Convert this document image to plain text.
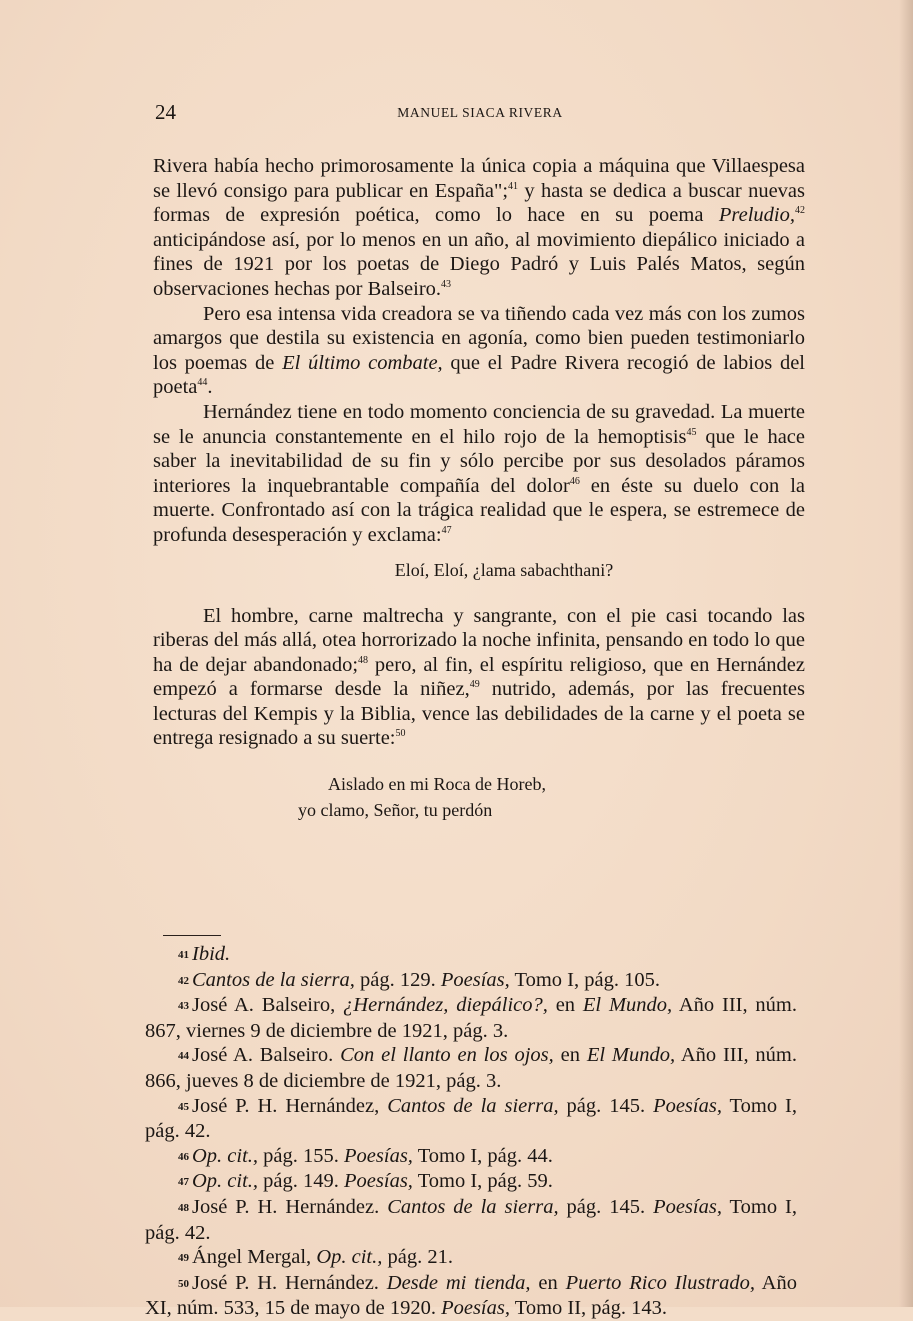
24	MANUEL SIACA RIVERA

Rivera había hecho primorosamente la única copia a máquina que Villaespesa se llevó consigo para publicar en España";$^{41}$ y hasta se dedica a buscar nuevas formas de expresión poética, como lo hace en su poema Preludio,$^{42}$ anticipándose así, por lo menos en un año, al movimiento diepálico iniciado a fines de 1921 por los poetas de Diego Padró y Luis Palés Matos, según observaciones hechas por Balseiro.$^{43}$

Pero esa intensa vida creadora se va tiñendo cada vez más con los zumos amargos que destila su existencia en agonía, como bien pueden testimoniarlo los poemas de El último combate, que el Padre Rivera recogió de labios del poeta$^{44}$.

Hernández tiene en todo momento conciencia de su gravedad. La muerte se le anuncia constantemente en el hilo rojo de la hemoptisis$^{45}$ que le hace saber la inevitabilidad de su fin y sólo percibe por sus desolados páramos interiores la inquebrantable compañía del dolor$^{46}$ en éste su duelo con la muerte. Confrontado así con la trágica realidad que le espera, se estremece de profunda desesperación y exclama:$^{47}$

Eloí, Eloí, ¿lama sabachthani?

El hombre, carne maltrecha y sangrante, con el pie casi tocando las riberas del más allá, otea horrorizado la noche infinita, pensando en todo lo que ha de dejar abandonado;$^{48}$ pero, al fin, el espíritu religioso, que en Hernández empezó a formarse desde la niñez,$^{49}$ nutrido, además, por las frecuentes lecturas del Kempis y la Biblia, vence las debilidades de la carne y el poeta se entrega resignado a su suerte:$^{50}$

Aislado en mi Roca de Horeb,
yo clamo, Señor, tu perdón

41 Ibid.

42 Cantos de la sierra, pág. 129. Poesías, Tomo I, pág. 105.

43 José A. Balseiro, ¿Hernández, diepálico?, en El Mundo, Año III, núm. 867, viernes 9 de diciembre de 1921, pág. 3.

44 José A. Balseiro. Con el llanto en los ojos, en El Mundo, Año III, núm. 866, jueves 8 de diciembre de 1921, pág. 3.

45 José P. H. Hernández, Cantos de la sierra, pág. 145. Poesías, Tomo I, pág. 42.

46 Op. cit., pág. 155. Poesías, Tomo I, pág. 44.

47 Op. cit., pág. 149. Poesías, Tomo I, pág. 59.

48 José P. H. Hernández. Cantos de la sierra, pág. 145. Poesías, Tomo I, pág. 42.

49 Ángel Mergal, Op. cit., pág. 21.

50 José P. H. Hernández. Desde mi tienda, en Puerto Rico Ilustrado, Año XI, núm. 533, 15 de mayo de 1920. Poesías, Tomo II, pág. 143.
